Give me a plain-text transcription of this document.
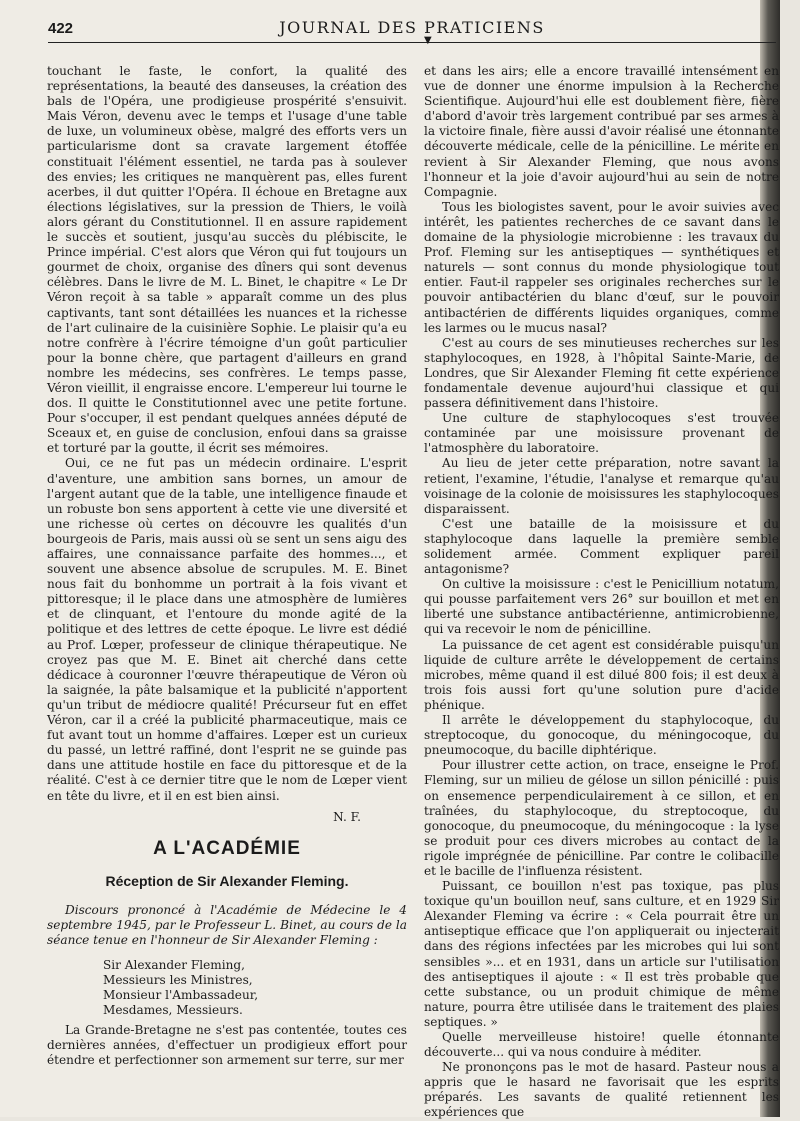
422	JOURNAL DES PRATICIENS
▼

touchant le faste, le confort, la qualité des représentations, la beauté des danseuses, la création des bals de l'Opéra, une prodigieuse prospérité s'ensuivit. Mais Véron, devenu avec le temps et l'usage d'une table de luxe, un volumineux obèse, malgré des efforts vers un particularisme dont sa cravate largement étoffée constituait l'élément essentiel, ne tarda pas à soulever des envies; les critiques ne manquèrent pas, elles furent acerbes, il dut quitter l'Opéra. Il échoue en Bretagne aux élections législatives, sur la pression de Thiers, le voilà alors gérant du Constitutionnel. Il en assure rapidement le succès et soutient, jusqu'au succès du plébiscite, le Prince impérial. C'est alors que Véron qui fut toujours un gourmet de choix, organise des dîners qui sont devenus célèbres. Dans le livre de M. L. Binet, le chapitre « Le Dr Véron reçoit à sa table » apparaît comme un des plus captivants, tant sont détaillées les nuances et la richesse de l'art culinaire de la cuisinière Sophie. Le plaisir qu'a eu notre confrère à l'écrire témoigne d'un goût particulier pour la bonne chère, que partagent d'ailleurs en grand nombre les médecins, ses confrères. Le temps passe, Véron vieillit, il engraisse encore. L'empereur lui tourne le dos. Il quitte le Constitutionnel avec une petite fortune. Pour s'occuper, il est pendant quelques années député de Sceaux et, en guise de conclusion, enfoui dans sa graisse et torturé par la goutte, il écrit ses mémoires.

Oui, ce ne fut pas un médecin ordinaire. L'esprit d'aventure, une ambition sans bornes, un amour de l'argent autant que de la table, une intelligence finaude et un robuste bon sens apportent à cette vie une diversité et une richesse où certes on découvre les qualités d'un bourgeois de Paris, mais aussi où se sent un sens aigu des affaires, une connaissance parfaite des hommes..., et souvent une absence absolue de scrupules. M. E. Binet nous fait du bonhomme un portrait à la fois vivant et pittoresque; il le place dans une atmosphère de lumières et de clinquant, et l'entoure du monde agité de la politique et des lettres de cette époque. Le livre est dédié au Prof. Lœper, professeur de clinique thérapeutique. Ne croyez pas que M. E. Binet ait cherché dans cette dédicace à couronner l'œuvre thérapeutique de Véron où la saignée, la pâte balsamique et la publicité n'apportent qu'un tribut de médiocre qualité! Précurseur fut en effet Véron, car il a créé la publicité pharmaceutique, mais ce fut avant tout un homme d'affaires. Lœper est un curieux du passé, un lettré raffiné, dont l'esprit ne se guinde pas dans une attitude hostile en face du pittoresque et de la réalité. C'est à ce dernier titre que le nom de Lœper vient en tête du livre, et il en est bien ainsi.

N. F.
A L'ACADÉMIE
Réception de Sir Alexander Fleming.

Discours prononcé à l'Académie de Médecine le 4 septembre 1945, par le Professeur L. Binet, au cours de la séance tenue en l'honneur de Sir Alexander Fleming :

Sir Alexander Fleming,
Messieurs les Ministres,
Monsieur l'Ambassadeur,
Mesdames, Messieurs.

La Grande-Bretagne ne s'est pas contentée, toutes ces dernières années, d'effectuer un prodigieux effort pour étendre et perfectionner son armement sur terre, sur mer

et dans les airs; elle a encore travaillé intensément en vue de donner une énorme impulsion à la Recherche Scientifique. Aujourd'hui elle est doublement fière, fière d'abord d'avoir très largement contribué par ses armes à la victoire finale, fière aussi d'avoir réalisé une étonnante découverte médicale, celle de la pénicilline. Le mérite en revient à Sir Alexander Fleming, que nous avons l'honneur et la joie d'avoir aujourd'hui au sein de notre Compagnie.

Tous les biologistes savent, pour le avoir suivies avec intérêt, les patientes recherches de ce savant dans le domaine de la physiologie microbienne : les travaux du Prof. Fleming sur les antiseptiques — synthétiques et naturels — sont connus du monde physiologique tout entier. Faut-il rappeler ses originales recherches sur le pouvoir antibactérien du blanc d'œuf, sur le pouvoir antibactérien de différents liquides organiques, comme les larmes ou le mucus nasal?

C'est au cours de ses minutieuses recherches sur les staphylocoques, en 1928, à l'hôpital Sainte-Marie, de Londres, que Sir Alexander Fleming fit cette expérience fondamentale devenue aujourd'hui classique et qui passera définitivement dans l'histoire.

Une culture de staphylocoques s'est trouvée contaminée par une moisissure provenant de l'atmosphère du laboratoire.

Au lieu de jeter cette préparation, notre savant la retient, l'examine, l'étudie, l'analyse et remarque qu'au voisinage de la colonie de moisissures les staphylocoques disparaissent.

C'est une bataille de la moisissure et du staphylocoque dans laquelle la première semble solidement armée. Comment expliquer pareil antagonisme?

On cultive la moisissure : c'est le Penicillium notatum, qui pousse parfaitement vers 26° sur bouillon et met en liberté une substance antibactérienne, antimicrobienne, qui va recevoir le nom de pénicilline.

La puissance de cet agent est considérable puisqu'un liquide de culture arrête le développement de certains microbes, même quand il est dilué 800 fois; il est deux à trois fois aussi fort qu'une solution pure d'acide phénique.

Il arrête le développement du staphylocoque, du streptocoque, du gonocoque, du méningocoque, du pneumocoque, du bacille diphtérique.

Pour illustrer cette action, on trace, enseigne le Prof. Fleming, sur un milieu de gélose un sillon pénicillé : puis on ensemence perpendiculairement à ce sillon, et en traînées, du staphylocoque, du streptocoque, du gonocoque, du pneumocoque, du méningocoque : la lyse se produit pour ces divers microbes au contact de la rigole imprégnée de pénicilline. Par contre le colibacille et le bacille de l'influenza résistent.

Puissant, ce bouillon n'est pas toxique, pas plus toxique qu'un bouillon neuf, sans culture, et en 1929 Sir Alexander Fleming va écrire : « Cela pourrait être un antiseptique efficace que l'on appliquerait ou injecterait dans des régions infectées par les microbes qui lui sont sensibles »... et en 1931, dans un article sur l'utilisation des antiseptiques il ajoute : « Il est très probable que cette substance, ou un produit chimique de même nature, pourra être utilisée dans le traitement des plaies septiques. »

Quelle merveilleuse histoire! quelle étonnante découverte... qui va nous conduire à méditer.

Ne prononçons pas le mot de hasard. Pasteur nous a appris que le hasard ne favorisait que les esprits préparés. Les savants de qualité retiennent les expériences que
